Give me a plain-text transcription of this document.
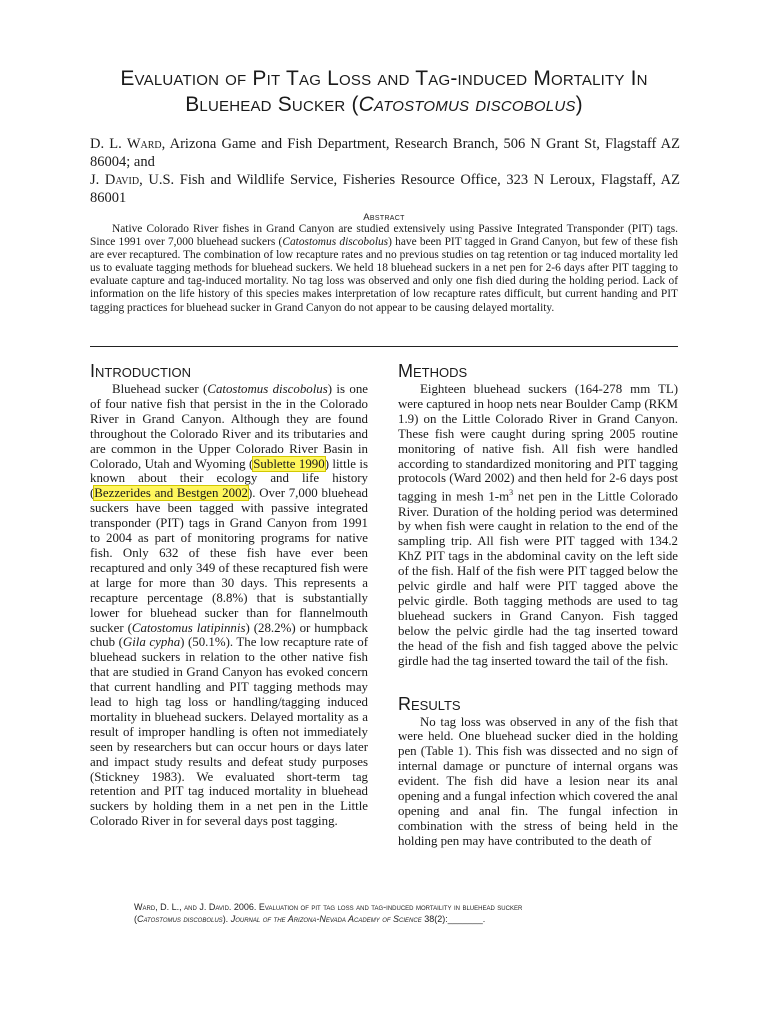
Evaluation of Pit Tag Loss and Tag-induced Mortality In
Bluehead Sucker (Catostomus discobolus)

D. L. Ward, Arizona Game and Fish Department, Research Branch, 506 N Grant St, Flagstaff AZ 86004; and

J. David, U.S. Fish and Wildlife Service, Fisheries Resource Office, 323 N Leroux, Flagstaff, AZ 86001

Abstract

Native Colorado River fishes in Grand Canyon are studied extensively using Passive Integrated Transponder (PIT) tags. Since 1991 over 7,000 bluehead suckers (Catostomus discobolus) have been PIT tagged in Grand Canyon, but few of these fish are ever recaptured. The combination of low recapture rates and no previous studies on tag retention or tag induced mortality led us to evaluate tagging methods for bluehead suckers. We held 18 bluehead suckers in a net pen for 2-6 days after PIT tagging to evaluate capture and tag-induced mortality. No tag loss was observed and only one fish died during the holding period. Lack of information on the life history of this species makes interpretation of low recapture rates difficult, but current handing and PIT tagging practices for bluehead sucker in Grand Canyon do not appear to be causing delayed mortality.

Introduction

Bluehead sucker (Catostomus discobolus) is one of four native fish that persist in the in the Colorado River in Grand Canyon. Although they are found throughout the Colorado River and its tributaries and are common in the Upper Colorado River Basin in Colorado, Utah and Wyoming (Sublette 1990) little is known about their ecology and life history (Bezzerides and Bestgen 2002). Over 7,000 bluehead suckers have been tagged with passive integrated transponder (PIT) tags in Grand Canyon from 1991 to 2004 as part of monitoring programs for native fish. Only 632 of these fish have ever been recaptured and only 349 of these recaptured fish were at large for more than 30 days. This represents a recapture percentage (8.8%) that is substantially lower for bluehead sucker than for flannelmouth sucker (Catostomus latipinnis) (28.2%) or humpback chub (Gila cypha) (50.1%). The low recapture rate of bluehead suckers in relation to the other native fish that are studied in Grand Canyon has evoked concern that current handling and PIT tagging methods may lead to high tag loss or handling/tagging induced mortality in bluehead suckers. Delayed mortality as a result of improper handling is often not immediately seen by researchers but can occur hours or days later and impact study results and defeat study purposes (Stickney 1983). We evaluated short-term tag retention and PIT tag induced mortality in bluehead suckers by holding them in a net pen in the Little Colorado River in for several days post tagging.

Methods

Eighteen bluehead suckers (164-278 mm TL) were captured in hoop nets near Boulder Camp (RKM 1.9) on the Little Colorado River in Grand Canyon. These fish were caught during spring 2005 routine monitoring of native fish. All fish were handled according to standardized monitoring and PIT tagging protocols (Ward 2002) and then held for 2-6 days post tagging in mesh $1-m^3$ net pen in the Little Colorado River. Duration of the holding period was determined by when fish were caught in relation to the end of the sampling trip. All fish were PIT tagged with 134.2 KhZ PIT tags in the abdominal cavity on the left side of the fish. Half of the fish were PIT tagged below the pelvic girdle and half were PIT tagged above the pelvic girdle. Both tagging methods are used to tag bluehead suckers in Grand Canyon. Fish tagged below the pelvic girdle had the tag inserted toward the head of the fish and fish tagged above the pelvic girdle had the tag inserted toward the tail of the fish.

Results

No tag loss was observed in any of the fish that were held. One bluehead sucker died in the holding pen (Table 1). This fish was dissected and no sign of internal damage or puncture of internal organs was evident. The fish did have a lesion near its anal opening and a fungal infection which covered the anal opening and anal fin. The fungal infection in combination with the stress of being held in the holding pen may have contributed to the death of

Ward, D. L., and J. David. 2006. Evaluation of pit tag loss and tag-induced mortaility in bluehead sucker

(Catostomus discobolus). Journal of the Arizona-Nevada Academy of Science 38(2):_______.
